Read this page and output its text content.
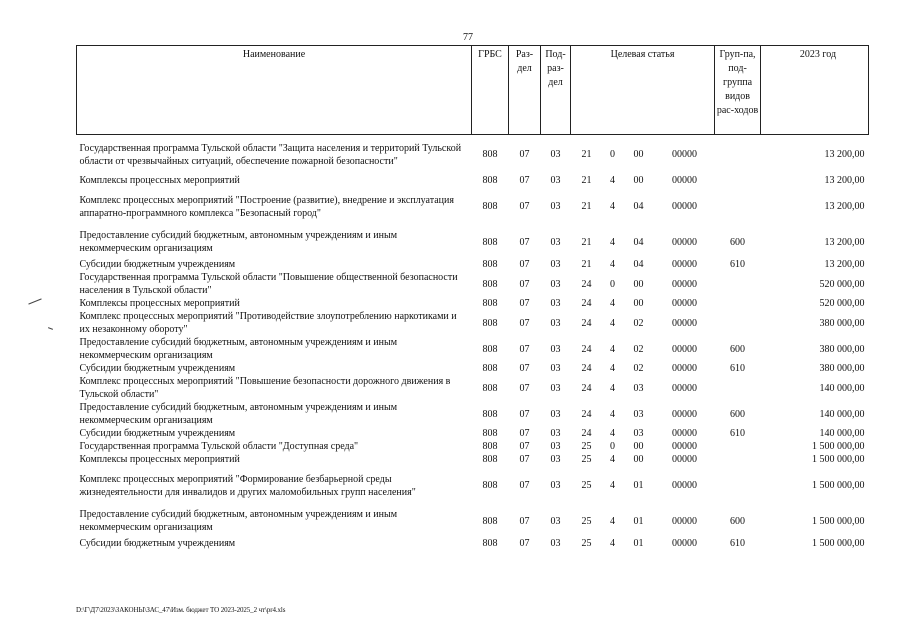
77
Наименование	ГРБС	Раз-дел	Под-раз-дел	Целевая статья				Груп-па, под-группа видов рас-ходов	2023 год
Государственная программа Тульской области "Защита населения и территорий Тульской области от чрезвычайных ситуаций, обеспечение пожарной безопасности"	808	07	03	21	0	00	00000		13 200,00
Комплексы процессных мероприятий	808	07	03	21	4	00	00000		13 200,00
Комплекс процессных мероприятий "Построение (развитие), внедрение и эксплуатация аппаратно-программного комплекса "Безопасный город"	808	07	03	21	4	04	00000		13 200,00
Предоставление субсидий бюджетным, автономным учреждениям и иным некоммерческим организациям	808	07	03	21	4	04	00000	600	13 200,00
Субсидии бюджетным учреждениям	808	07	03	21	4	04	00000	610	13 200,00
Государственная программа Тульской области "Повышение общественной безопасности населения в Тульской области"	808	07	03	24	0	00	00000		520 000,00
Комплексы процессных мероприятий	808	07	03	24	4	00	00000		520 000,00
Комплекс процессных мероприятий "Противодействие злоупотреблению наркотиками и их незаконному обороту"	808	07	03	24	4	02	00000		380 000,00
Предоставление субсидий бюджетным, автономным учреждениям и иным некоммерческим организациям	808	07	03	24	4	02	00000	600	380 000,00
Субсидии бюджетным учреждениям	808	07	03	24	4	02	00000	610	380 000,00
Комплекс процессных мероприятий "Повышение безопасности дорожного движения в Тульской области"	808	07	03	24	4	03	00000		140 000,00
Предоставление субсидий бюджетным, автономным учреждениям и иным некоммерческим организациям	808	07	03	24	4	03	00000	600	140 000,00
Субсидии бюджетным учреждениям	808	07	03	24	4	03	00000	610	140 000,00
Государственная программа Тульской области "Доступная среда"	808	07	03	25	0	00	00000		1 500 000,00
Комплексы процессных мероприятий	808	07	03	25	4	00	00000		1 500 000,00
Комплекс процессных мероприятий "Формирование безбарьерной среды жизнедеятельности для инвалидов и других маломобильных групп населения"	808	07	03	25	4	01	00000		1 500 000,00
Предоставление субсидий бюджетным, автономным учреждениям и иным некоммерческим организациям	808	07	03	25	4	01	00000	600	1 500 000,00
Субсидии бюджетным учреждениям	808	07	03	25	4	01	00000	610	1 500 000,00
D:\Г\Д7\2023\ЗАКОНЫ\ЗАС_47\Изм. бюджет ТО 2023-2025_2 чт\pr4.xls
